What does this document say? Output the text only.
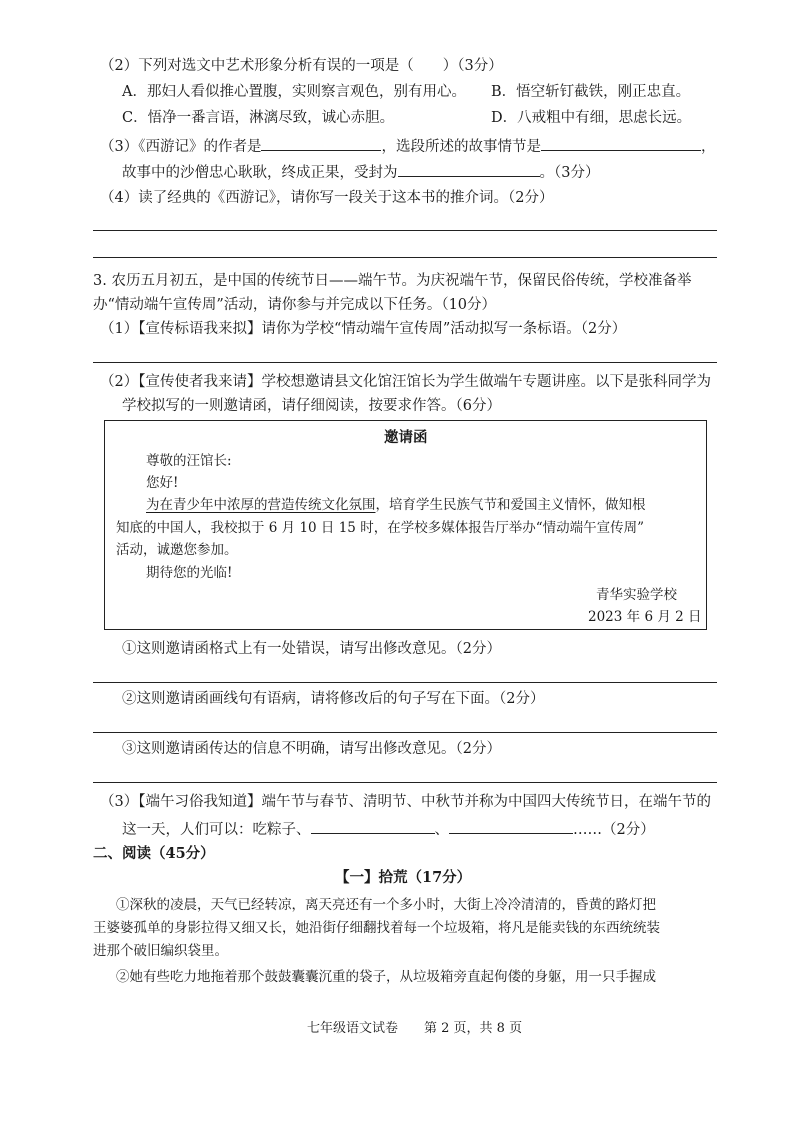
（2）下列对选文中艺术形象分析有误的一项是（　　）（3分）
A．那妇人看似推心置腹，实则察言观色，别有用心。 B．悟空斩钉截铁，刚正忠直。
C．悟净一番言语，淋漓尽致，诚心赤胆。	D．八戒粗中有细，思虑长远。
（3）《西游记》的作者是	，选段所述的故事情节是	，
故事中的沙僧忠心耿耿，终成正果，受封为	。（3分）
（4）读了经典的《西游记》，请你写一段关于这本书的推介词。（2分）
3. 农历五月初五，是中国的传统节日——端午节。为庆祝端午节，保留民俗传统，学校准备举
办“情动端午宣传周”活动，请你参与并完成以下任务。（10分）
（1）【宣传标语我来拟】请你为学校“情动端午宣传周”活动拟写一条标语。（2分）
（2）【宣传使者我来请】学校想邀请县文化馆汪馆长为学生做端午专题讲座。以下是张科同学为
学校拟写的一则邀请函，请仔细阅读，按要求作答。（6分）
邀请函
尊敬的汪馆长:
您好!
为在青少年中浓厚的营造传统文化氛围，培育学生民族气节和爱国主义情怀，做知根
知底的中国人，我校拟于 6 月 10 日 15 时，在学校多媒体报告厅举办“情动端午宣传周”
活动，诚邀您参加。
期待您的光临!
青华实验学校
2023 年 6 月 2 日
①这则邀请函格式上有一处错误，请写出修改意见。（2分）
②这则邀请函画线句有语病，请将修改后的句子写在下面。（2分）
③这则邀请函传达的信息不明确，请写出修改意见。（2分）
（3）【端午习俗我知道】端午节与春节、清明节、中秋节并称为中国四大传统节日，在端午节的
这一天，人们可以：吃粽子、	、	……（2分）
二、阅读（45分）
【一】拾荒（17分）
①深秋的凌晨，天气已经转凉，离天亮还有一个多小时，大街上冷冷清清的，昏黄的路灯把
王婆婆孤单的身影拉得又细又长，她沿街仔细翻找着每一个垃圾箱，将凡是能卖钱的东西统统装
进那个破旧编织袋里。
②她有些吃力地拖着那个鼓鼓囊囊沉重的袋子，从垃圾箱旁直起佝偻的身躯，用一只手握成
七年级语文试卷　　第 2 页，共 8 页
